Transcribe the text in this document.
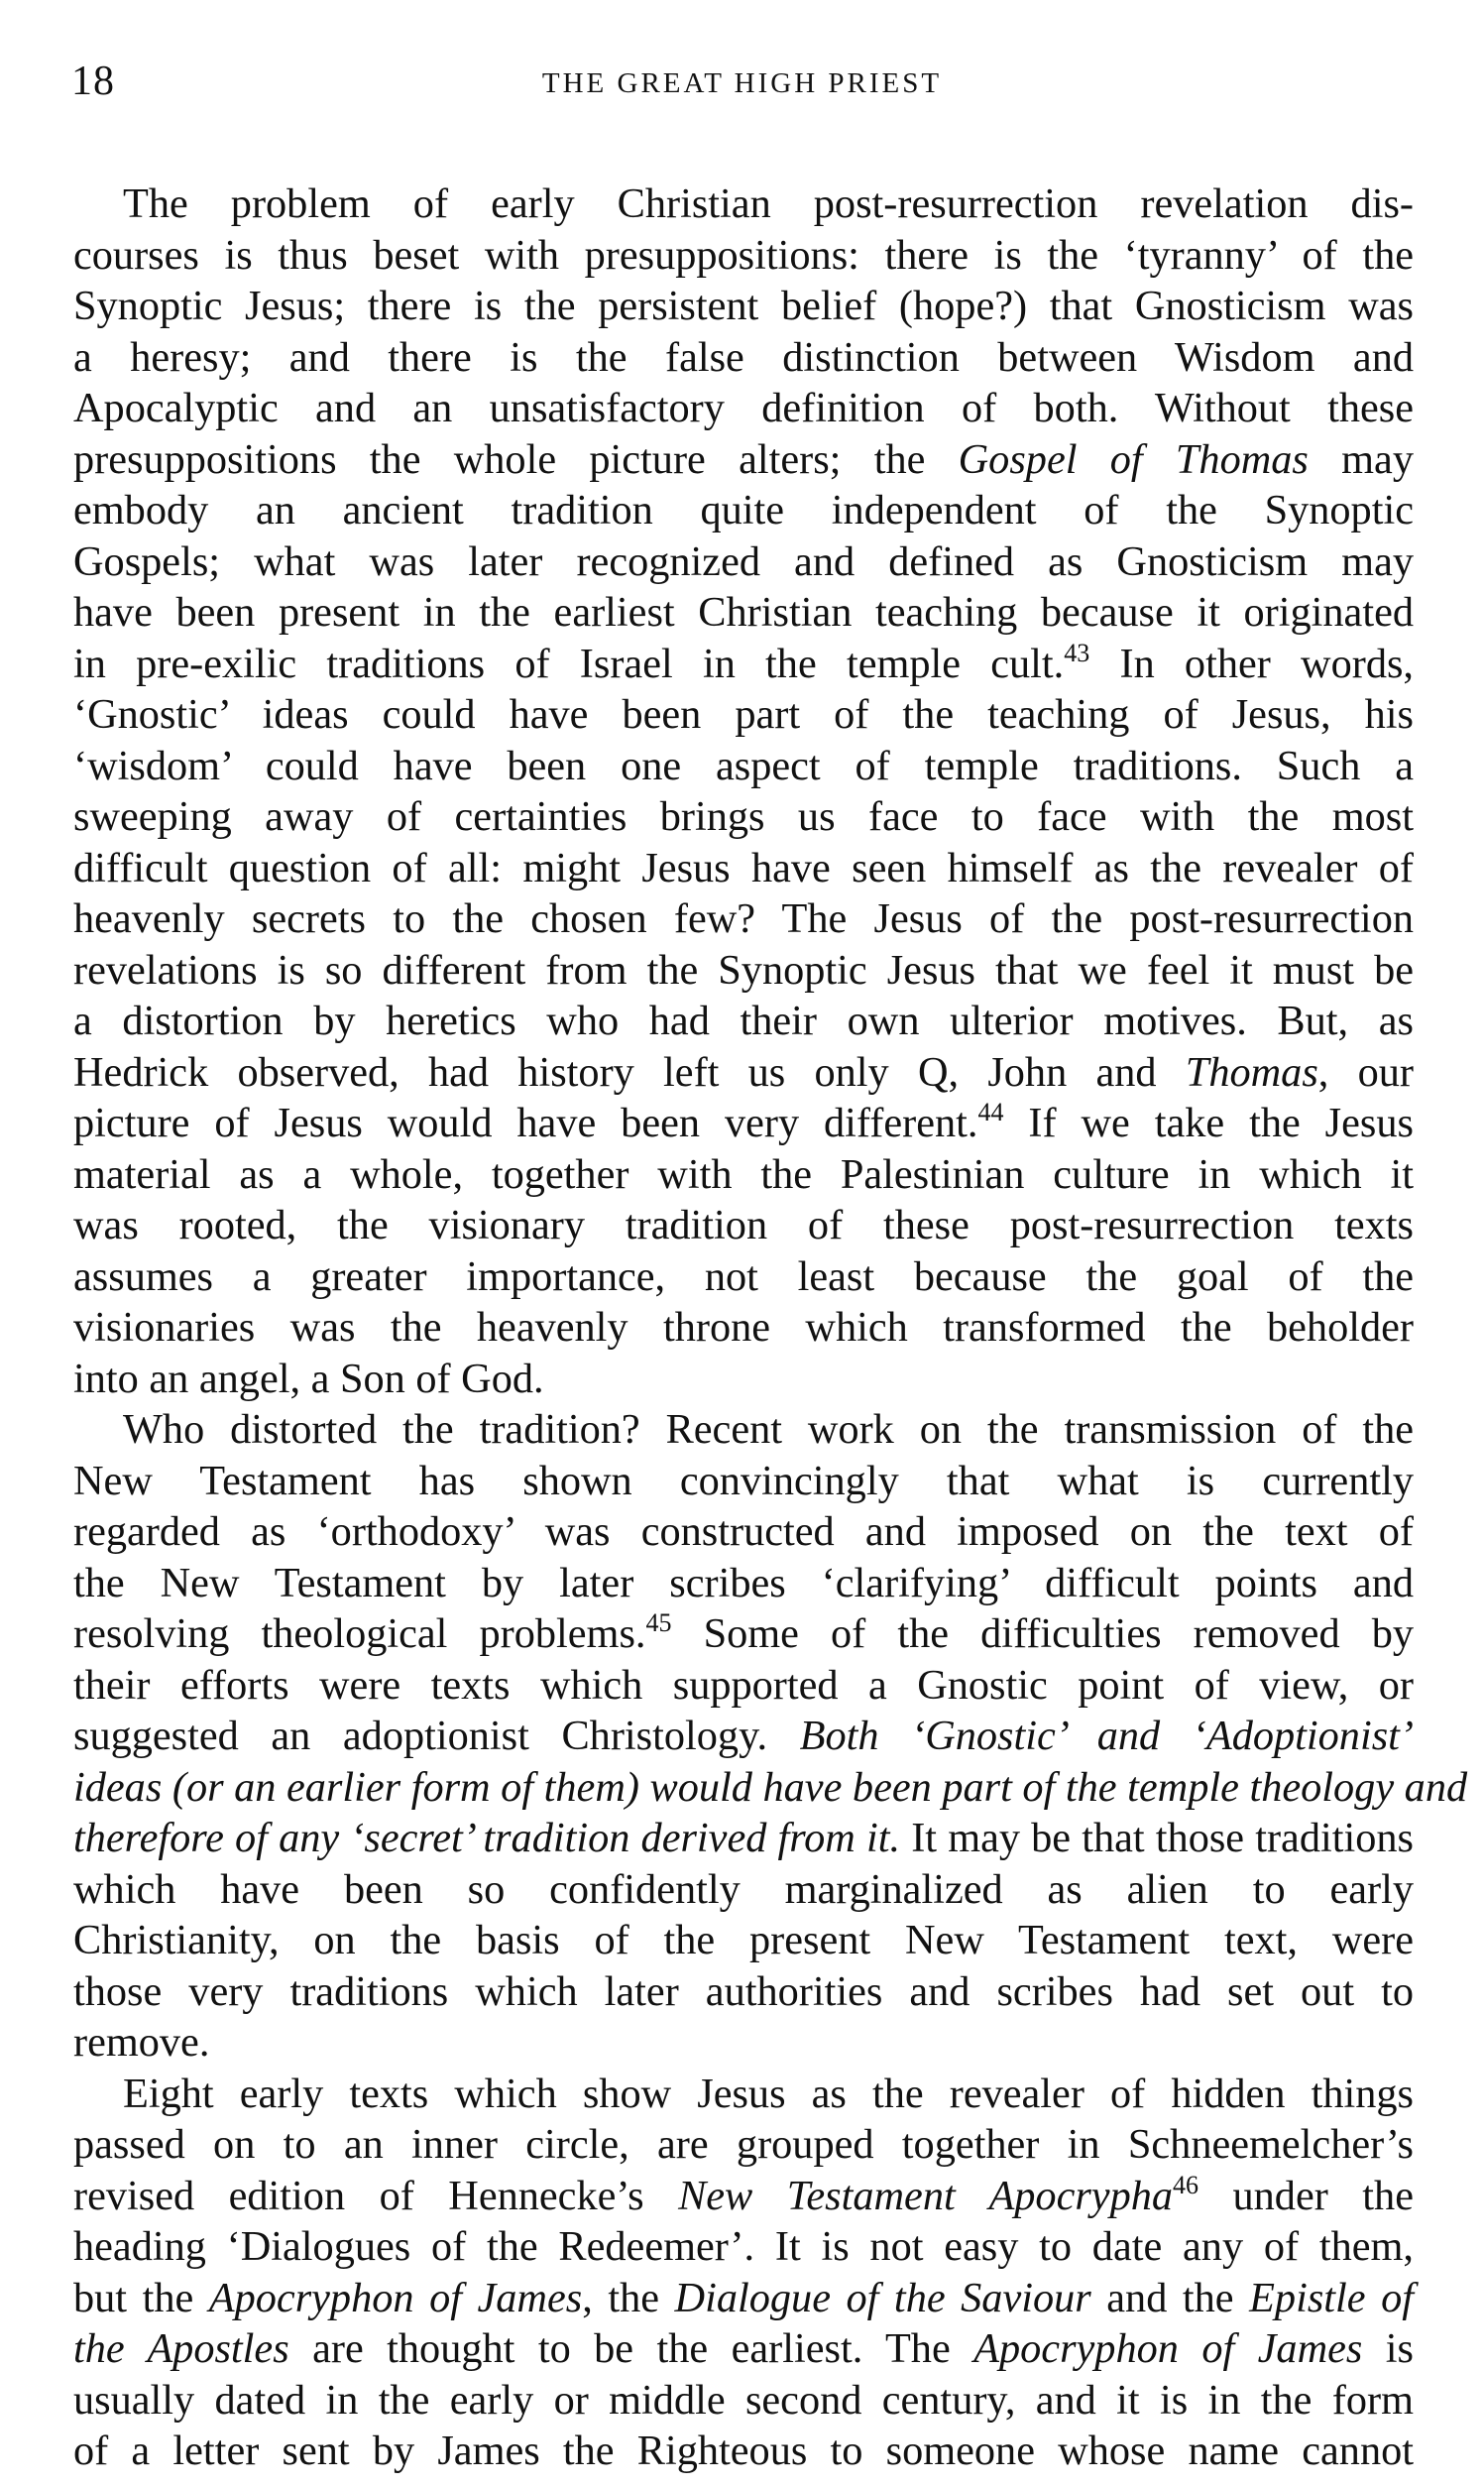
18	THE GREAT HIGH PRIEST
The problem of early Christian post-resurrection revelation dis-
courses is thus beset with presuppositions: there is the ‘tyranny’ of the
Synoptic Jesus; there is the persistent belief (hope?) that Gnosticism was
a heresy; and there is the false distinction between Wisdom and
Apocalyptic and an unsatisfactory definition of both. Without these
presuppositions the whole picture alters; the Gospel of Thomas may
embody an ancient tradition quite independent of the Synoptic
Gospels; what was later recognized and defined as Gnosticism may
have been present in the earliest Christian teaching because it originated
in pre-exilic traditions of Israel in the temple cult.$^{43}$ In other words,
‘Gnostic’ ideas could have been part of the teaching of Jesus, his
‘wisdom’ could have been one aspect of temple traditions. Such a
sweeping away of certainties brings us face to face with the most
difficult question of all: might Jesus have seen himself as the revealer of
heavenly secrets to the chosen few? The Jesus of the post-resurrection
revelations is so different from the Synoptic Jesus that we feel it must be
a distortion by heretics who had their own ulterior motives. But, as
Hedrick observed, had history left us only Q, John and Thomas, our
picture of Jesus would have been very different.$^{44}$ If we take the Jesus
material as a whole, together with the Palestinian culture in which it
was rooted, the visionary tradition of these post-resurrection texts
assumes a greater importance, not least because the goal of the
visionaries was the heavenly throne which transformed the beholder
into an angel, a Son of God.
Who distorted the tradition? Recent work on the transmission of the
New Testament has shown convincingly that what is currently
regarded as ‘orthodoxy’ was constructed and imposed on the text of
the New Testament by later scribes ‘clarifying’ difficult points and
resolving theological problems.$^{45}$ Some of the difficulties removed by
their efforts were texts which supported a Gnostic point of view, or
suggested an adoptionist Christology. Both ‘Gnostic’ and ‘Adoptionist’
ideas (or an earlier form of them) would have been part of the temple theology and
therefore of any ‘secret’ tradition derived from it. It may be that those traditions
which have been so confidently marginalized as alien to early
Christianity, on the basis of the present New Testament text, were
those very traditions which later authorities and scribes had set out to
remove.
Eight early texts which show Jesus as the revealer of hidden things
passed on to an inner circle, are grouped together in Schneemelcher’s
revised edition of Hennecke’s New Testament Apocrypha$^{46}$ under the
heading ‘Dialogues of the Redeemer’. It is not easy to date any of them,
but the Apocryphon of James, the Dialogue of the Saviour and the Epistle of
the Apostles are thought to be the earliest. The Apocryphon of James is
usually dated in the early or middle second century, and it is in the form
of a letter sent by James the Righteous to someone whose name cannot
